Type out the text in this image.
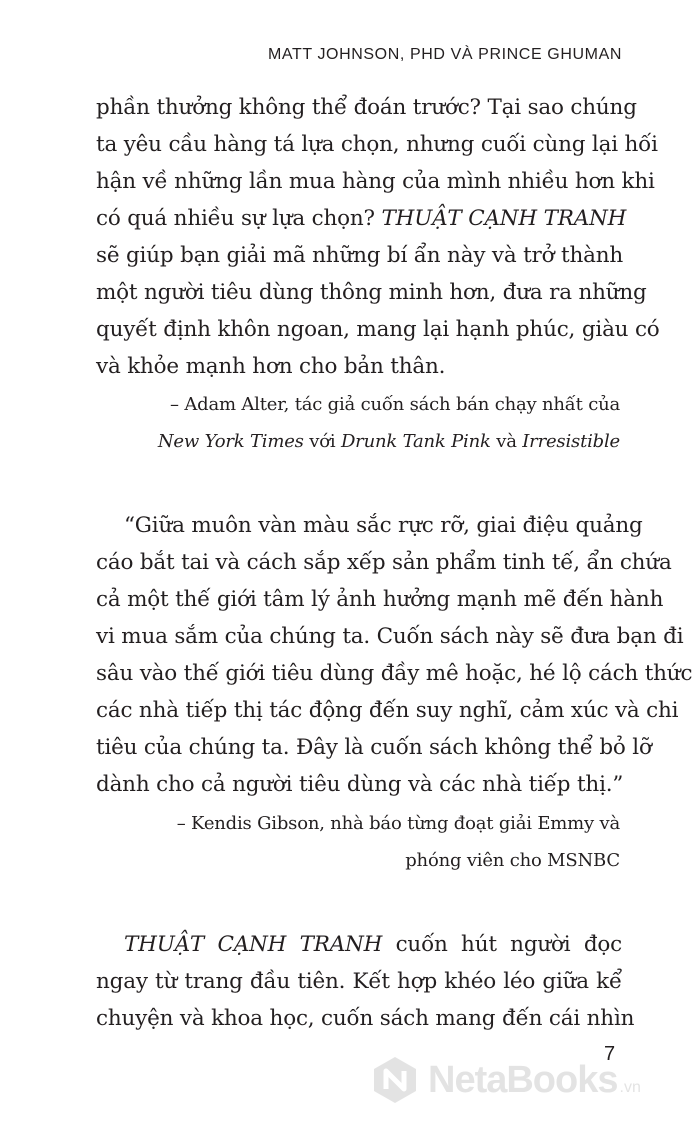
MATT JOHNSON, PHD VÀ PRINCE GHUMAN
phần thưởng không thể đoán trước? Tại sao chúng
ta yêu cầu hàng tá lựa chọn, nhưng cuối cùng lại hối
hận về những lần mua hàng của mình nhiều hơn khi
có quá nhiều sự lựa chọn? THUẬT CẠNH TRANH
sẽ giúp bạn giải mã những bí ẩn này và trở thành
một người tiêu dùng thông minh hơn, đưa ra những
quyết định khôn ngoan, mang lại hạnh phúc, giàu có
và khỏe mạnh hơn cho bản thân.
– Adam Alter, tác giả cuốn sách bán chạy nhất của
New York Times với Drunk Tank Pink và Irresistible
“Giữa muôn vàn màu sắc rực rỡ, giai điệu quảng
cáo bắt tai và cách sắp xếp sản phẩm tinh tế, ẩn chứa
cả một thế giới tâm lý ảnh hưởng mạnh mẽ đến hành
vi mua sắm của chúng ta. Cuốn sách này sẽ đưa bạn đi
sâu vào thế giới tiêu dùng đầy mê hoặc, hé lộ cách thức
các nhà tiếp thị tác động đến suy nghĩ, cảm xúc và chi
tiêu của chúng ta. Đây là cuốn sách không thể bỏ lỡ
dành cho cả người tiêu dùng và các nhà tiếp thị.”
– Kendis Gibson, nhà báo từng đoạt giải Emmy và
phóng viên cho MSNBC
THUẬT CẠNH TRANH cuốn hút người đọc
ngay từ trang đầu tiên. Kết hợp khéo léo giữa kể
chuyện và khoa học, cuốn sách mang đến cái nhìn
7
NetaBooks .vn
